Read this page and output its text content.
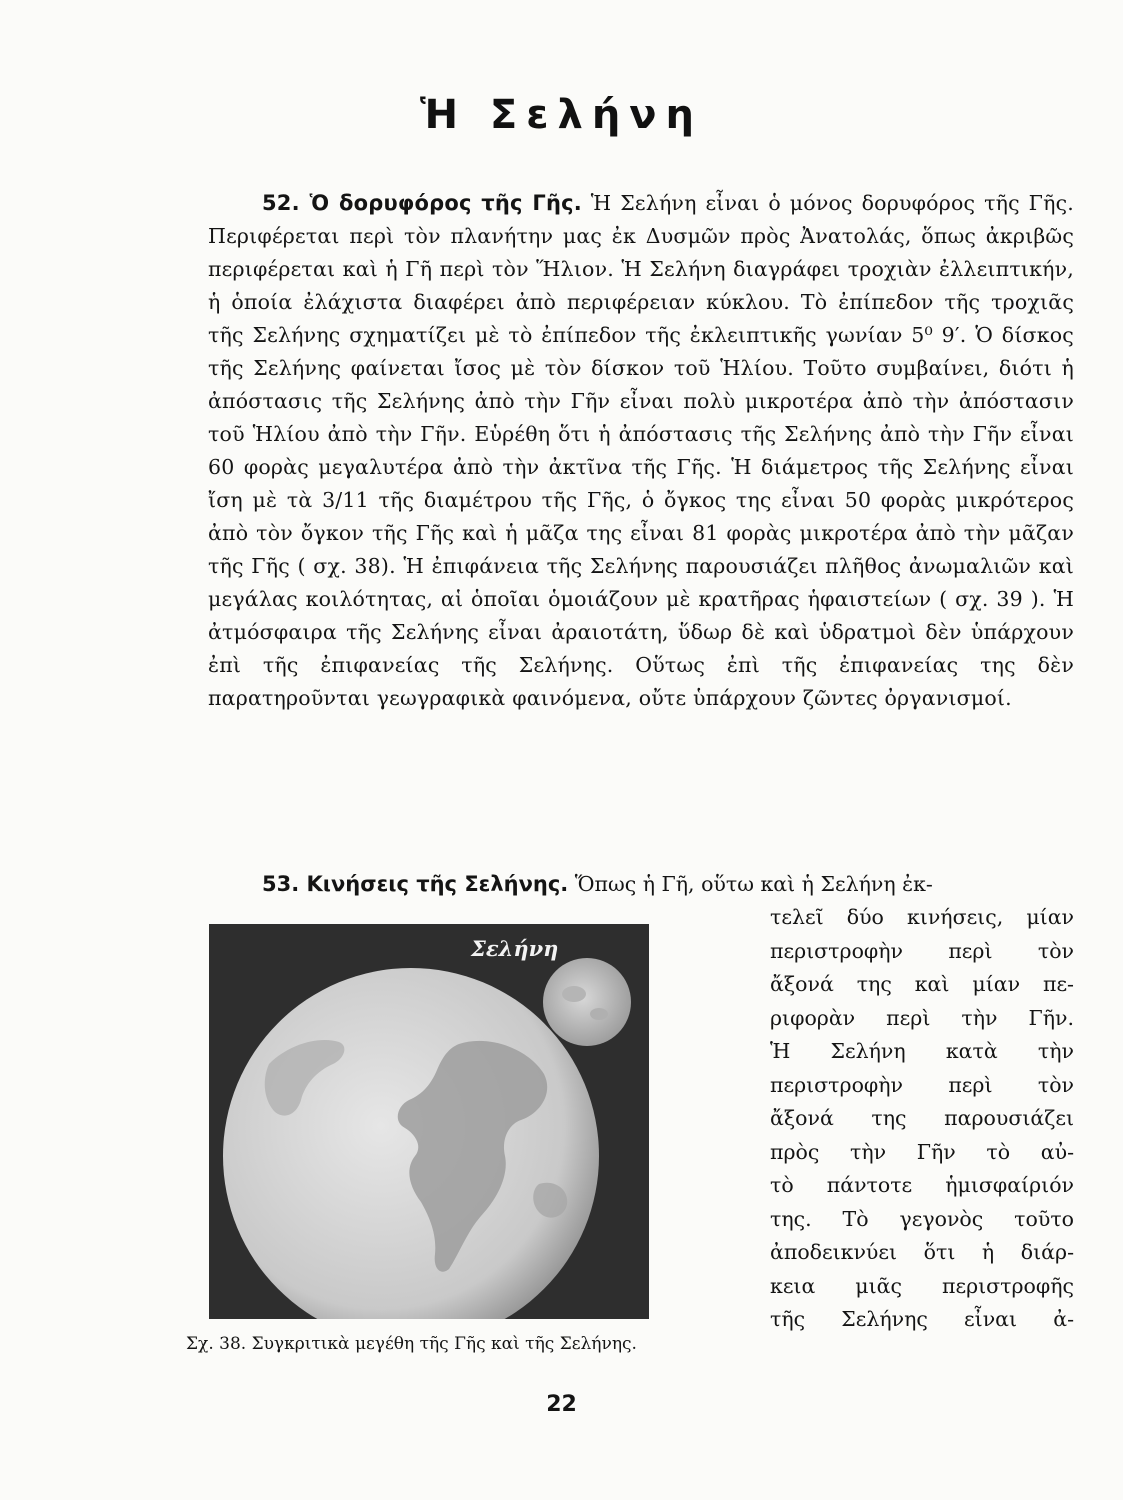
Ἡ Σελήνη

52. Ὁ δορυφόρος τῆς Γῆς. Ἡ Σελήνη εἶναι ὁ μόνος δορυφόρος τῆς Γῆς. Περιφέρεται περὶ τὸν πλανήτην μας ἐκ Δυσμῶν πρὸς Ἀνατολάς, ὅπως ἀκριβῶς περιφέρεται καὶ ἡ Γῆ περὶ τὸν Ἥλιον. Ἡ Σελήνη διαγράφει τροχιὰν ἐλλειπτικήν, ἡ ὁποία ἐλάχιστα διαφέρει ἀπὸ περιφέρειαν κύκλου. Τὸ ἐπίπεδον τῆς τροχιᾶς τῆς Σελήνης σχηματίζει μὲ τὸ ἐπίπεδον τῆς ἐκλειπτικῆς γωνίαν 5⁰ 9′. Ὁ δίσκος τῆς Σελήνης φαίνεται ἴσος μὲ τὸν δίσκον τοῦ Ἡλίου. Τοῦτο συμβαίνει, διότι ἡ ἀπόστασις τῆς Σελήνης ἀπὸ τὴν Γῆν εἶναι πολὺ μικροτέρα ἀπὸ τὴν ἀπόστασιν τοῦ Ἡλίου ἀπὸ τὴν Γῆν. Εὑρέθη ὅτι ἡ ἀπόστασις τῆς Σελήνης ἀπὸ τὴν Γῆν εἶναι 60 φορὰς μεγαλυτέρα ἀπὸ τὴν ἀκτῖνα τῆς Γῆς. Ἡ διάμετρος τῆς Σελήνης εἶναι ἴση μὲ τὰ 3/11 τῆς διαμέτρου τῆς Γῆς, ὁ ὄγκος της εἶναι 50 φορὰς μικρότερος ἀπὸ τὸν ὄγκον τῆς Γῆς καὶ ἡ μᾶζα της εἶναι 81 φορὰς μικροτέρα ἀπὸ τὴν μᾶζαν τῆς Γῆς ( σχ. 38). Ἡ ἐπιφάνεια τῆς Σελήνης παρουσιάζει πλῆθος ἀνωμαλιῶν καὶ μεγάλας κοιλότητας, αἱ ὁποῖαι ὁμοιάζουν μὲ κρατῆρας ἡφαιστείων ( σχ. 39 ). Ἡ ἀτμόσφαιρα τῆς Σελήνης εἶναι ἀραιοτάτη, ὕδωρ δὲ καὶ ὑδρατμοὶ δὲν ὑπάρχουν ἐπὶ τῆς ἐπιφανείας τῆς Σελήνης. Οὕτως ἐπὶ τῆς ἐπιφανείας της δὲν παρατηροῦνται γεωγραφικὰ φαινόμενα, οὔτε ὑπάρχουν ζῶντες ὀργανισμοί.

53. Κινήσεις τῆς Σελήνης. Ὅπως ἡ Γῆ, οὕτω καὶ ἡ Σελήνη ἐκ-

τελεῖ δύο κινήσεις, μίαν
περιστροφὴν περὶ τὸν
ἄξονά της καὶ μίαν πε-
ριφορὰν περὶ τὴν Γῆν.
Ἡ Σελήνη κατὰ τὴν
περιστροφὴν περὶ τὸν
ἄξονά της παρουσιάζει
πρὸς τὴν Γῆν τὸ αὐ-
τὸ πάντοτε ἡμισφαίριόν
της. Τὸ γεγονὸς τοῦτο
ἀποδεικνύει ὅτι ἡ διάρ-
κεια μιᾶς περιστροφῆς
τῆς Σελήνης εἶναι ἀ-

Σελήνη
Σχ. 38. Συγκριτικὰ μεγέθη τῆς Γῆς καὶ τῆς Σελήνης.
22
